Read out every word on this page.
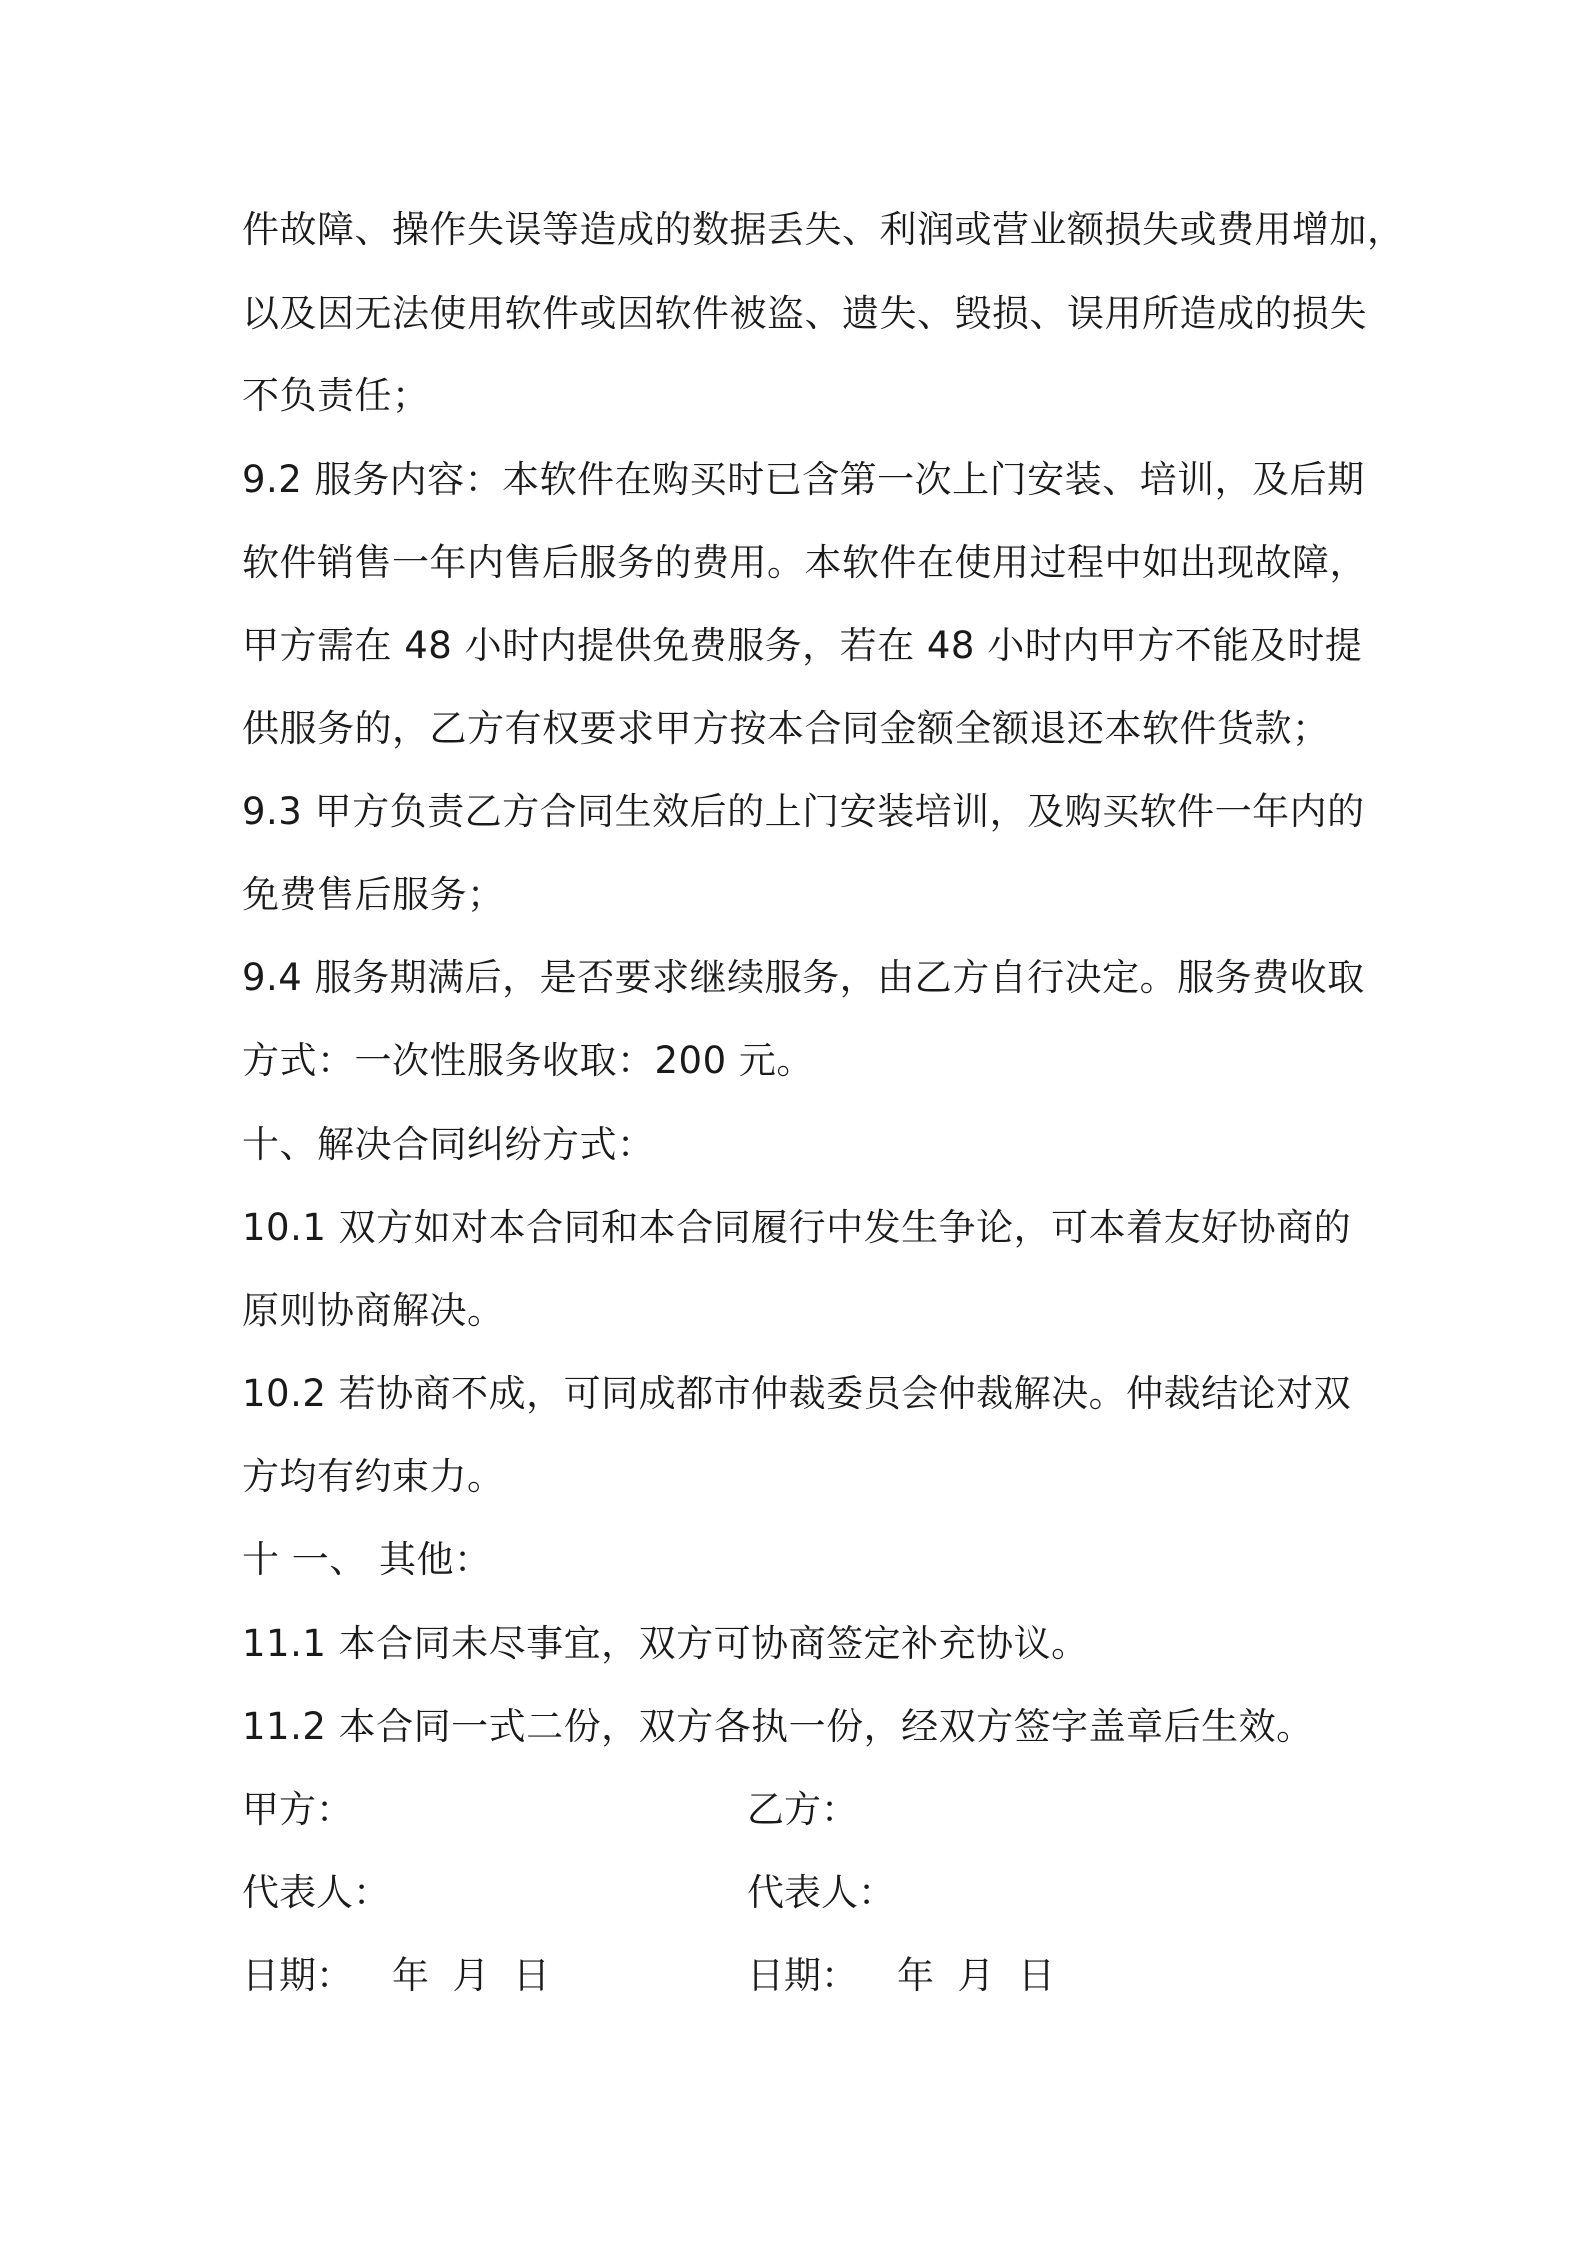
件故障、操作失误等造成的数据丢失、利润或营业额损失或费用增加，
以及因无法使用软件或因软件被盗、遗失、毁损、误用所造成的损失
不负责任；
9.2 服务内容：本软件在购买时已含第一次上门安装、培训，及后期
软件销售一年内售后服务的费用。本软件在使用过程中如出现故障，
甲方需在 48 小时内提供免费服务，若在 48 小时内甲方不能及时提
供服务的，乙方有权要求甲方按本合同金额全额退还本软件货款；
9.3 甲方负责乙方合同生效后的上门安装培训，及购买软件一年内的
免费售后服务；
9.4 服务期满后，是否要求继续服务，由乙方自行决定。服务费收取
方式：一次性服务收取：200 元。
十、解决合同纠纷方式：
10.1 双方如对本合同和本合同履行中发生争论，可本着友好协商的
原则协商解决。
10.2 若协商不成，可同成都市仲裁委员会仲裁解决。仲裁结论对双
方均有约束力。
十 一、 其他：
11.1 本合同未尽事宜，双方可协商签定补充协议。
11.2 本合同一式二份，双方各执一份，经双方签字盖章后生效。
甲方：	乙方：
代表人：	代表人：
日期： 年  月  日	日期： 年  月  日
